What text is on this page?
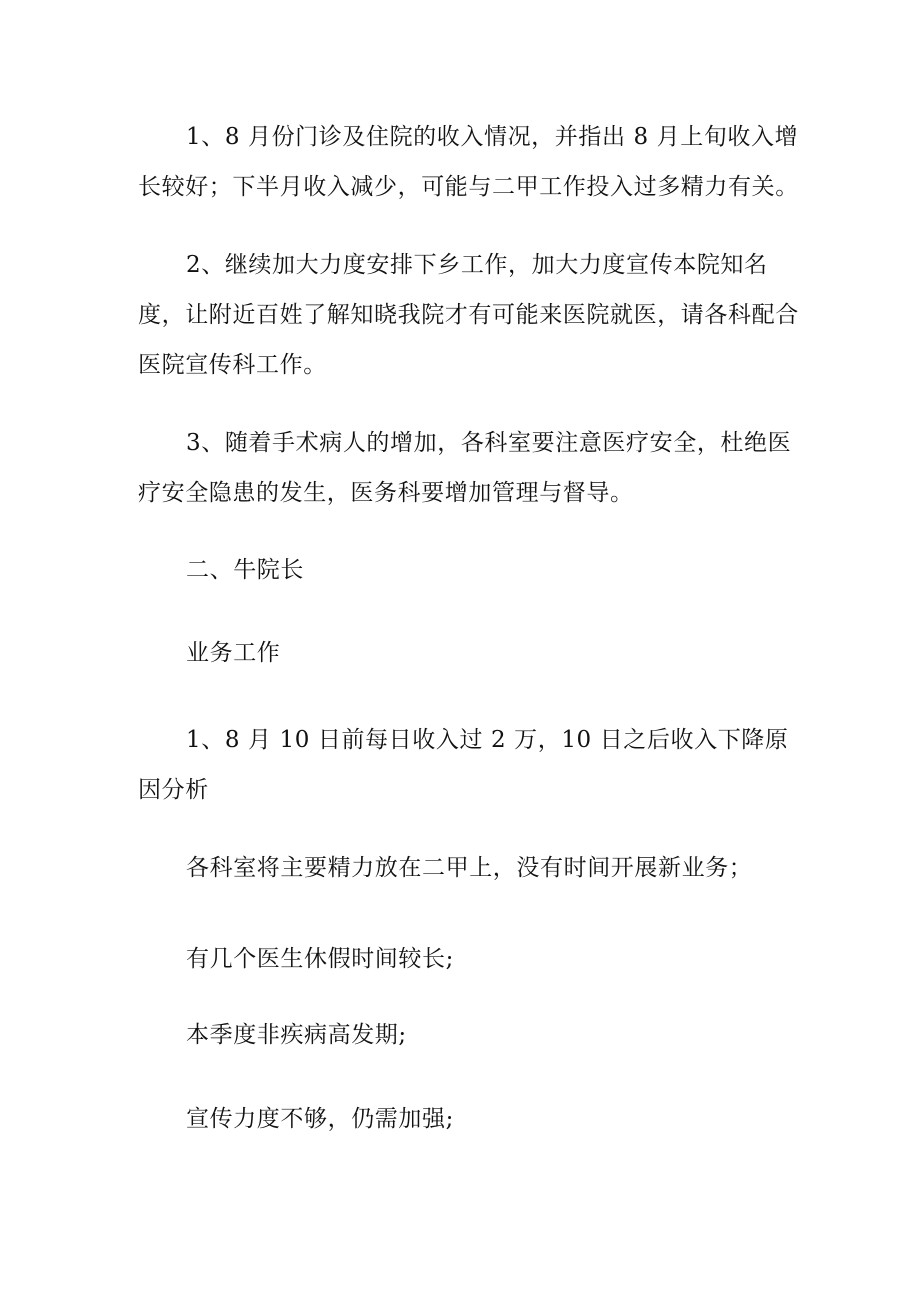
1、8 月份门诊及住院的收入情况，并指出 8 月上旬收入增长较好；下半月收入减少，可能与二甲工作投入过多精力有关。

2、继续加大力度安排下乡工作，加大力度宣传本院知名度，让附近百姓了解知晓我院才有可能来医院就医，请各科配合医院宣传科工作。

3、随着手术病人的增加，各科室要注意医疗安全，杜绝医疗安全隐患的发生，医务科要增加管理与督导。

二、牛院长

业务工作

1、8 月 10 日前每日收入过 2 万，10 日之后收入下降原因分析

各科室将主要精力放在二甲上，没有时间开展新业务；

有几个医生休假时间较长;

本季度非疾病高发期;

宣传力度不够，仍需加强;
